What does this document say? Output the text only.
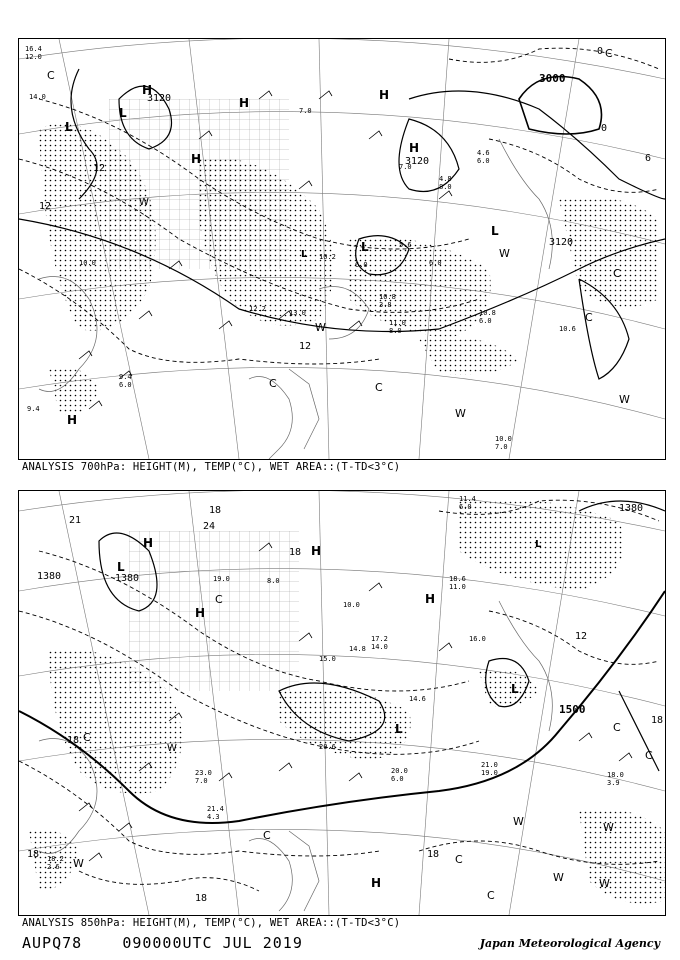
3000
3120
3120
3120
0
0
6
12
12
12
H
H
H
H
H
H
L
L
L
L
L
C
C	C
C
C
C
W
W
W
W
W
10.0
7.0
10.6
10.8
6.0
10.8
3.8
11.0
8.0
16.4
12.0
14.0
10.0
12.2	13.0
9.4
10.2
6.0
5.6
6.0
4.6
6.0
7.0
4.8
8.0
7.0
9.4
6.0
ANALYSIS 700hPa: HEIGHT(M), TEMP(°C), WET AREA::(T-TD<3°C)
1380	1380
1380
1500
12
18
18
18
18
18
18
24
21
18
H
H
H
H
H
L
L
L
L
C
C
C
C
C
C
C
W
W	W
W	W
W
20.0
6.0
21.0
19.0	18.0
3.9
21.4
4.3
18.2
2.6
11.4
6.0
18.6
11.0
14.6
16.0
15.0
14.8
17.2
14.0
8.0
10.0
19.0
20.6
23.0
7.0
ANALYSIS 850hPa: HEIGHT(M), TEMP(°C), WET AREA::(T-TD<3°C)
AUPQ78	090000UTC JUL 2019	Japan Meteorological Agency
